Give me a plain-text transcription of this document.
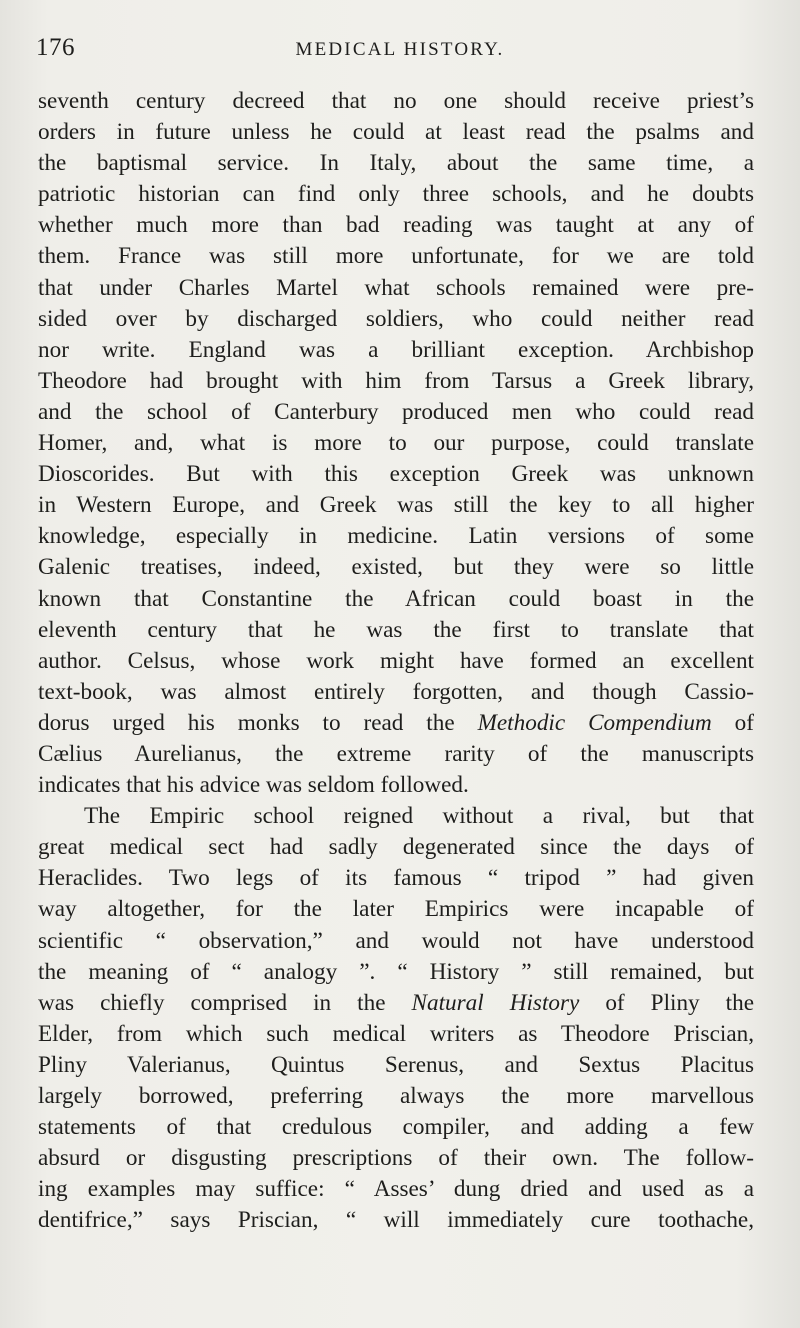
176	MEDICAL HISTORY.
seventh century decreed that no one should receive priest’s
orders in future unless he could at least read the psalms and
the baptismal service. In Italy, about the same time, a
patriotic historian can find only three schools, and he doubts
whether much more than bad reading was taught at any of
them. France was still more unfortunate, for we are told
that under Charles Martel what schools remained were pre-
sided over by discharged soldiers, who could neither read
nor write. England was a brilliant exception. Archbishop
Theodore had brought with him from Tarsus a Greek library,
and the school of Canterbury produced men who could read
Homer, and, what is more to our purpose, could translate
Dioscorides. But with this exception Greek was unknown
in Western Europe, and Greek was still the key to all higher
knowledge, especially in medicine. Latin versions of some
Galenic treatises, indeed, existed, but they were so little
known that Constantine the African could boast in the
eleventh century that he was the first to translate that
author. Celsus, whose work might have formed an excellent
text-book, was almost entirely forgotten, and though Cassio-
dorus urged his monks to read the Methodic Compendium of
Cælius Aurelianus, the extreme rarity of the manuscripts
indicates that his advice was seldom followed.
The Empiric school reigned without a rival, but that
great medical sect had sadly degenerated since the days of
Heraclides. Two legs of its famous “ tripod ” had given
way altogether, for the later Empirics were incapable of
scientific “ observation,” and would not have understood
the meaning of “ analogy ”. “ History ” still remained, but
was chiefly comprised in the Natural History of Pliny the
Elder, from which such medical writers as Theodore Priscian,
Pliny Valerianus, Quintus Serenus, and Sextus Placitus
largely borrowed, preferring always the more marvellous
statements of that credulous compiler, and adding a few
absurd or disgusting prescriptions of their own. The follow-
ing examples may suffice: “ Asses’ dung dried and used as a
dentifrice,” says Priscian, “ will immediately cure toothache,
